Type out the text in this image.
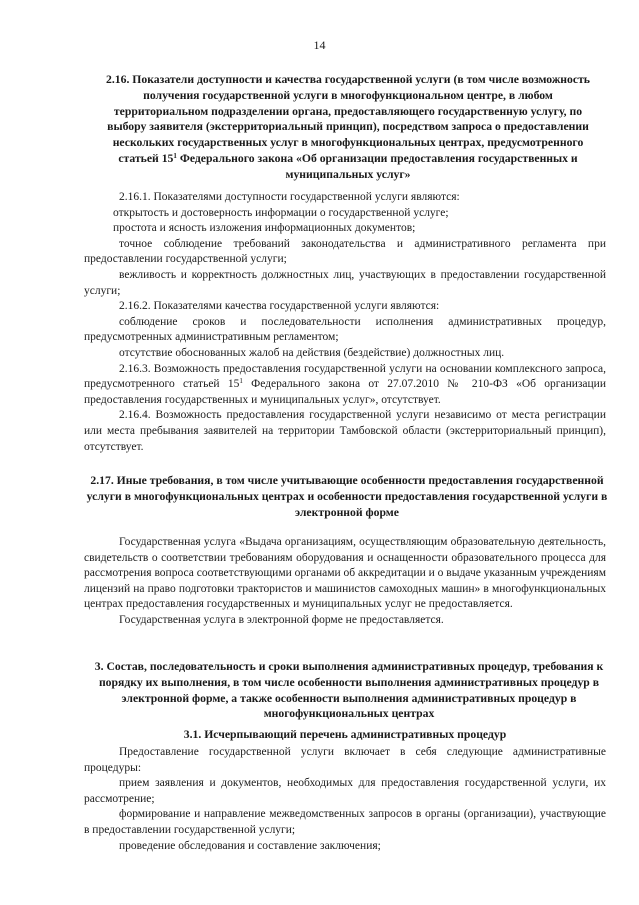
14
2.16. Показатели доступности и качества государственной услуги (в том числе возможность получения государственной услуги в многофункциональном центре, в любом территориальном подразделении органа, предоставляющего государственную услугу, по выбору заявителя (экстерриториальный принцип), посредством запроса о предоставлении нескольких государственных услуг в многофункциональных центрах, предусмотренного статьей $15^1$ Федерального закона «Об организации предоставления государственных и муниципальных услуг»

2.16.1. Показателями доступности государственной услуги являются:

открытость и достоверность информации о государственной услуге;

простота и ясность изложения информационных документов;

точное соблюдение требований законодательства и административного регламента при предоставлении государственной услуги;

вежливость и корректность должностных лиц, участвующих в предоставлении государственной услуги;

2.16.2. Показателями качества государственной услуги являются:

соблюдение сроков и последовательности исполнения административных процедур, предусмотренных административным регламентом;

отсутствие обоснованных жалоб на действия (бездействие) должностных лиц.

2.16.3. Возможность предоставления государственной услуги на основании комплексного запроса, предусмотренного статьей $15^1$ Федерального закона от 27.07.2010 № 210-ФЗ «Об организации предоставления государственных и муниципальных услуг», отсутствует.

2.16.4. Возможность предоставления государственной услуги независимо от места регистрации или места пребывания заявителей на территории Тамбовской области (экстерриториальный принцип), отсутствует.

2.17. Иные требования, в том числе учитывающие особенности предоставления государственной услуги в многофункциональных центрах и особенности предоставления государственной услуги в электронной форме

Государственная услуга «Выдача организациям, осуществляющим образовательную деятельность, свидетельств о соответствии требованиям оборудования и оснащенности образовательного процесса для рассмотрения вопроса соответствующими органами об аккредитации и о выдаче указанным учреждениям лицензий на право подготовки трактористов и машинистов самоходных машин» в многофункциональных центрах предоставления государственных и муниципальных услуг не предоставляется.

Государственная услуга в электронной форме не предоставляется.

3. Состав, последовательность и сроки выполнения административных процедур, требования к порядку их выполнения, в том числе особенности выполнения административных процедур в электронной форме, а также особенности выполнения административных процедур в многофункциональных центрах
3.1. Исчерпывающий перечень административных процедур

Предоставление государственной услуги включает в себя следующие административные процедуры:

прием заявления и документов, необходимых для предоставления государственной услуги, их рассмотрение;

формирование и направление межведомственных запросов в органы (организации), участвующие в предоставлении государственной услуги;

проведение обследования и составление заключения;
